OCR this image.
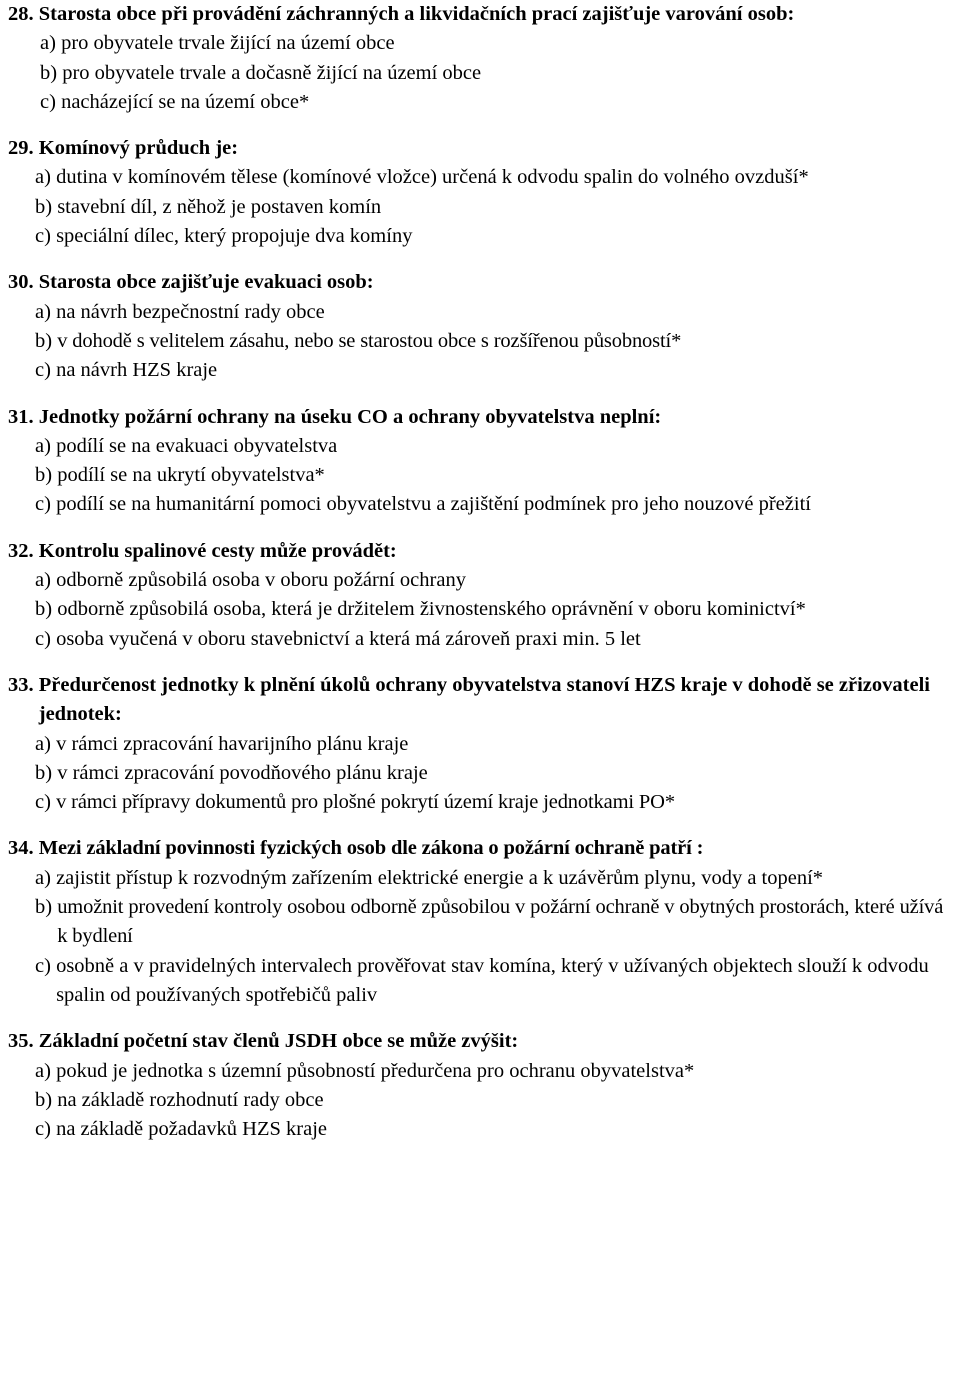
28. Starosta obce při provádění záchranných a likvidačních prací zajišťuje varování osob:

a) pro obyvatele trvale žijící na území obce
b) pro obyvatele trvale a dočasně žijící na území obce
c) nacházející se na území obce*

29. Komínový průduch je:

a) dutina v komínovém tělese (komínové vložce) určená k odvodu spalin do volného ovzduší*
b) stavební díl, z něhož je postaven komín
c) speciální dílec, který propojuje dva komíny

30. Starosta obce zajišťuje evakuaci osob:

a) na návrh bezpečnostní rady obce
b) v dohodě s velitelem zásahu, nebo se starostou obce s rozšířenou působností*
c) na návrh HZS kraje

31. Jednotky požární ochrany na úseku CO a ochrany obyvatelstva neplní:

a) podílí se na evakuaci obyvatelstva
b) podílí se na ukrytí obyvatelstva*
c) podílí se na humanitární pomoci obyvatelstvu a zajištění podmínek pro jeho nouzové přežití

32. Kontrolu spalinové cesty může provádět:

a) odborně způsobilá osoba v oboru požární ochrany
b) odborně způsobilá osoba, která je držitelem živnostenského oprávnění v oboru kominictví*
c) osoba vyučená v oboru stavebnictví a která má zároveň praxi min. 5 let

33. Předurčenost jednotky k plnění úkolů ochrany obyvatelstva stanoví HZS kraje v dohodě se zřizovateli jednotek:

a) v rámci zpracování havarijního plánu kraje
b) v rámci zpracování povodňového plánu kraje
c) v rámci přípravy dokumentů pro plošné pokrytí území kraje jednotkami PO*

34. Mezi základní povinnosti fyzických osob dle zákona o požární ochraně patří :

a) zajistit přístup k rozvodným zařízením elektrické energie a k uzávěrům plynu, vody a topení*
b) umožnit provedení kontroly osobou odborně způsobilou v požární ochraně v obytných prostorách, které užívá k bydlení
c) osobně a v pravidelných intervalech prověřovat stav komína, který v užívaných objektech slouží k odvodu spalin od používaných spotřebičů paliv

35. Základní početní stav členů JSDH obce se může zvýšit:

a) pokud je jednotka s územní působností předurčena pro ochranu obyvatelstva*
b) na základě rozhodnutí rady obce
c) na základě požadavků HZS kraje
